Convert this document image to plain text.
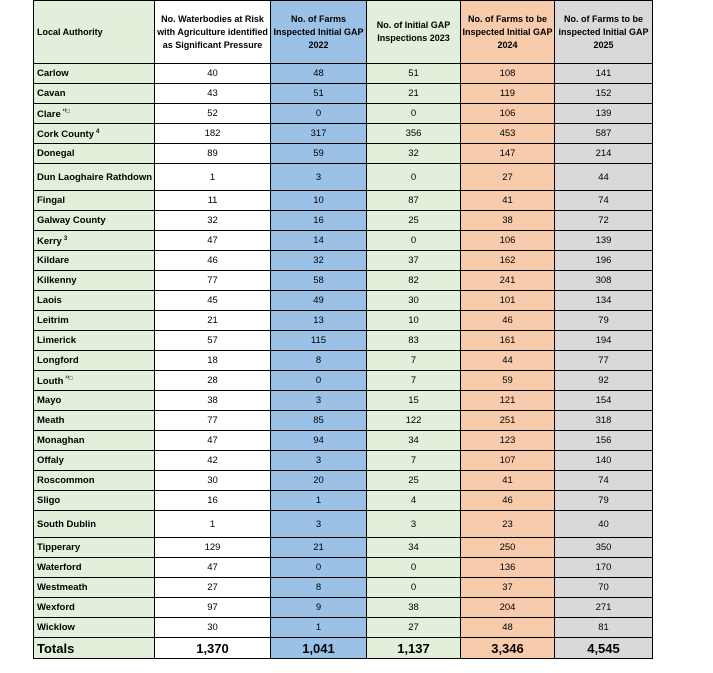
Local Authority	No. Waterbodies at Risk with Agriculture identified as Significant Pressure	No. of Farms Inspected Initial GAP 2022	No. of Initial GAP Inspections 2023	No. of Farms to be Inspected Initial GAP 2024	No. of Farms to be inspected Initial GAP 2025
Carlow	40	48	51	108	141
Cavan	43	51	21	119	152
Clare $^{^{1)}□}$	52	0	0	106	139
Cork County $^4$	182	317	356	453	587
Donegal	89	59	32	147	214
Dun Laoghaire Rathdown	1	3	0	27	44
Fingal	11	10	87	41	74
Galway County	32	16	25	38	72
Kerry $^3$	47	14	0	106	139
Kildare	46	32	37	162	196
Kilkenny	77	58	82	241	308
Laois	45	49	30	101	134
Leitrim	21	13	10	46	79
Limerick	57	115	83	161	194
Longford	18	8	7	44	77
Louth $^{^{1)}□}$	28	0	7	59	92
Mayo	38	3	15	121	154
Meath	77	85	122	251	318
Monaghan	47	94	34	123	156
Offaly	42	3	7	107	140
Roscommon	30	20	25	41	74
Sligo	16	1	4	46	79
South Dublin	1	3	3	23	40
Tipperary	129	21	34	250	350
Waterford	47	0	0	136	170
Westmeath	27	8	0	37	70
Wexford	97	9	38	204	271
Wicklow	30	1	27	48	81
Totals	1,370	1,041	1,137	3,346	4,545
